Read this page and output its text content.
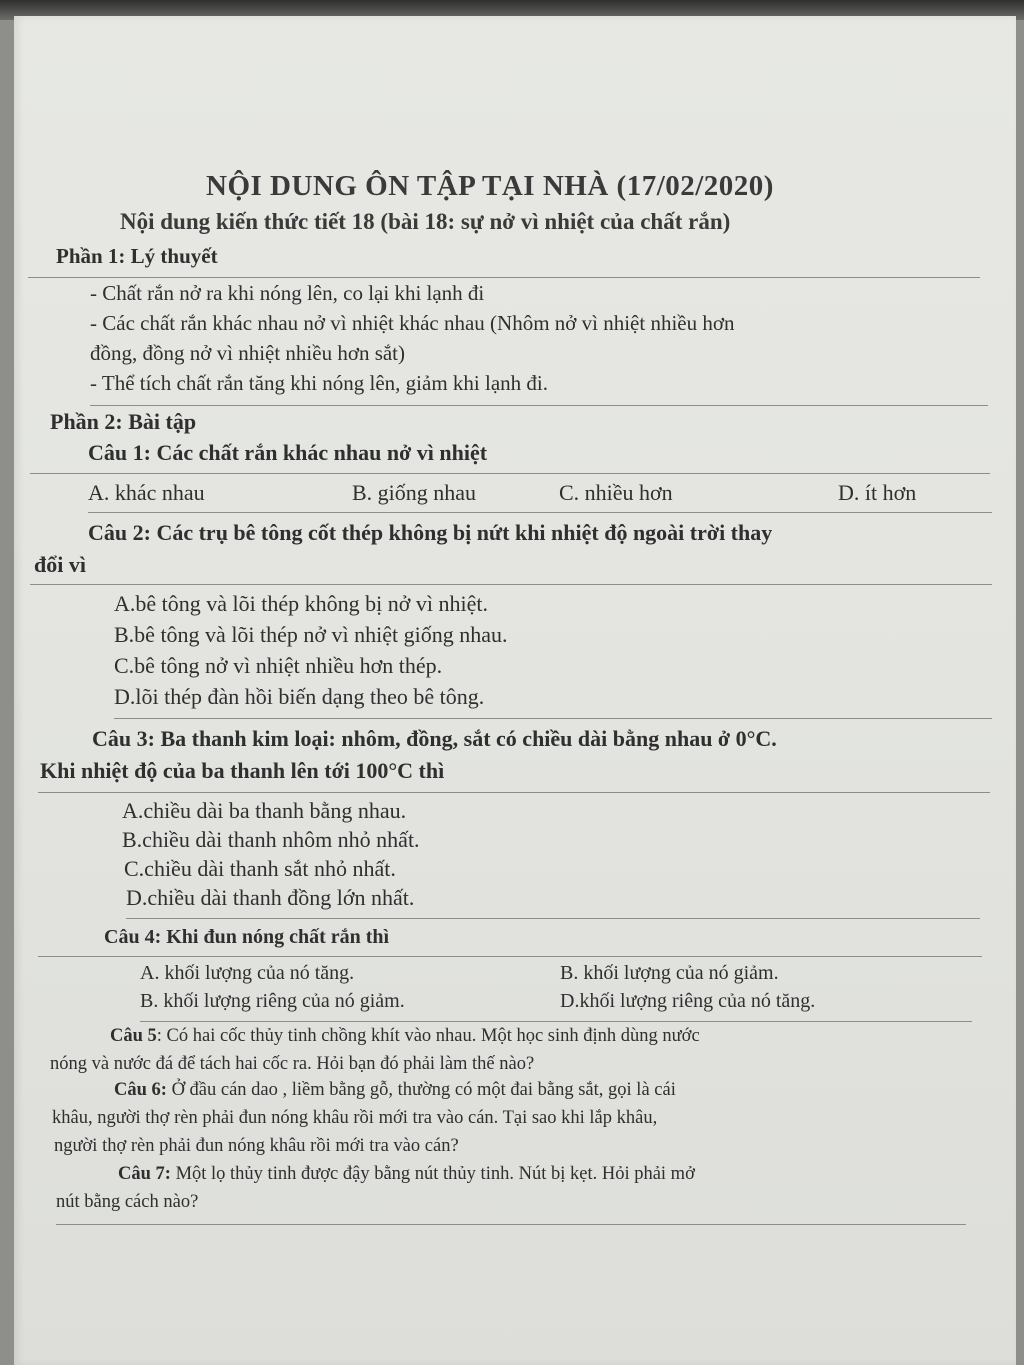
NỘI DUNG ÔN TẬP TẠI NHÀ (17/02/2020)
Nội dung kiến thức tiết 18 (bài 18: sự nở vì nhiệt của chất rắn)
Phần 1: Lý thuyết
- Chất rắn nở ra khi nóng lên, co lại khi lạnh đi
- Các chất rắn khác nhau nở vì nhiệt khác nhau (Nhôm nở vì nhiệt nhiều hơn
đồng, đồng nở vì nhiệt nhiều hơn sắt)
- Thể tích chất rắn tăng khi nóng lên, giảm khi lạnh đi.
Phần 2: Bài tập
Câu 1: Các chất rắn khác nhau nở vì nhiệt
A. khác nhau	B. giống nhau	C. nhiều hơn	D. ít hơn
Câu 2: Các trụ bê tông cốt thép không bị nứt khi nhiệt độ ngoài trời thay
đổi vì
A.bê tông và lõi thép không bị nở vì nhiệt.
B.bê tông và lõi thép nở vì nhiệt giống nhau.
C.bê tông nở vì nhiệt nhiều hơn thép.
D.lõi thép đàn hồi biến dạng theo bê tông.
Câu 3: Ba thanh kim loại: nhôm, đồng, sắt có chiều dài bằng nhau ở 0°C.
Khi nhiệt độ của ba thanh lên tới 100°C thì
A.chiều dài ba thanh bằng nhau.
B.chiều dài thanh nhôm nhỏ nhất.
C.chiều dài thanh sắt nhỏ nhất.
D.chiều dài thanh đồng lớn nhất.
Câu 4: Khi đun nóng chất rắn thì
A. khối lượng của nó tăng.	B. khối lượng của nó giảm.
B. khối lượng riêng của nó giảm.	D.khối lượng riêng của nó tăng.
Câu 5: Có hai cốc thủy tinh chồng khít vào nhau. Một học sinh định dùng nước
nóng và nước đá để tách hai cốc ra. Hỏi bạn đó phải làm thế nào?
Câu 6: Ở đầu cán dao , liềm bằng gỗ, thường có một đai bằng sắt, gọi là cái
khâu, người thợ rèn phải đun nóng khâu rồi mới tra vào cán. Tại sao khi lắp khâu,
người thợ rèn phải đun nóng khâu rồi mới tra vào cán?
Câu 7: Một lọ thủy tinh được đậy bằng nút thủy tinh. Nút bị kẹt. Hỏi phải mở
nút bằng cách nào?
